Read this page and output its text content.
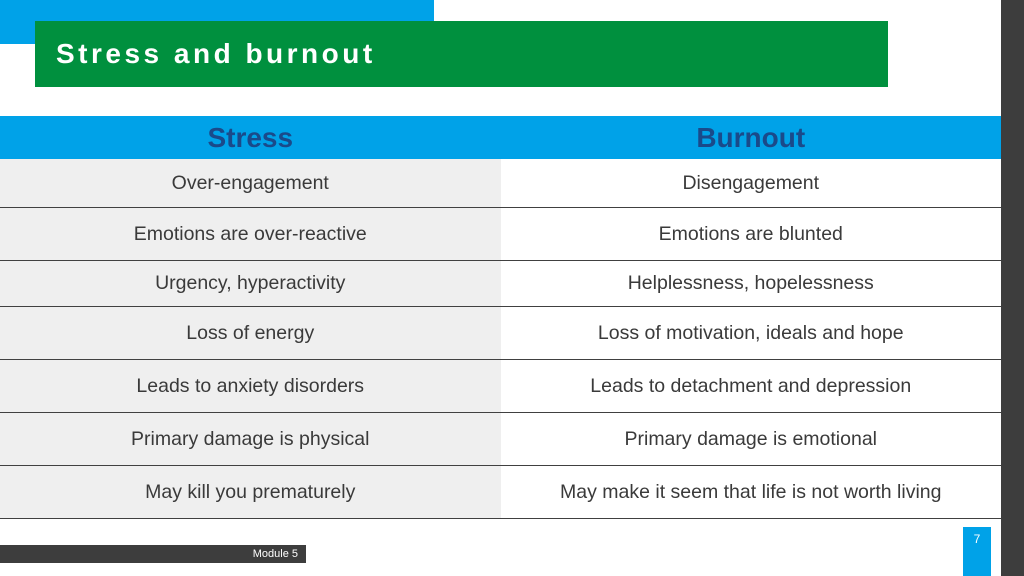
Stress and burnout
Stress	Burnout
Over-engagement	Disengagement
Emotions are over-reactive	Emotions are blunted
Urgency, hyperactivity	Helplessness, hopelessness
Loss of energy	Loss of motivation, ideals and hope
Leads to anxiety disorders	Leads to detachment and depression
Primary damage is physical	Primary damage is emotional
May kill you prematurely	May make it seem that life is not worth living
Module 5
7
